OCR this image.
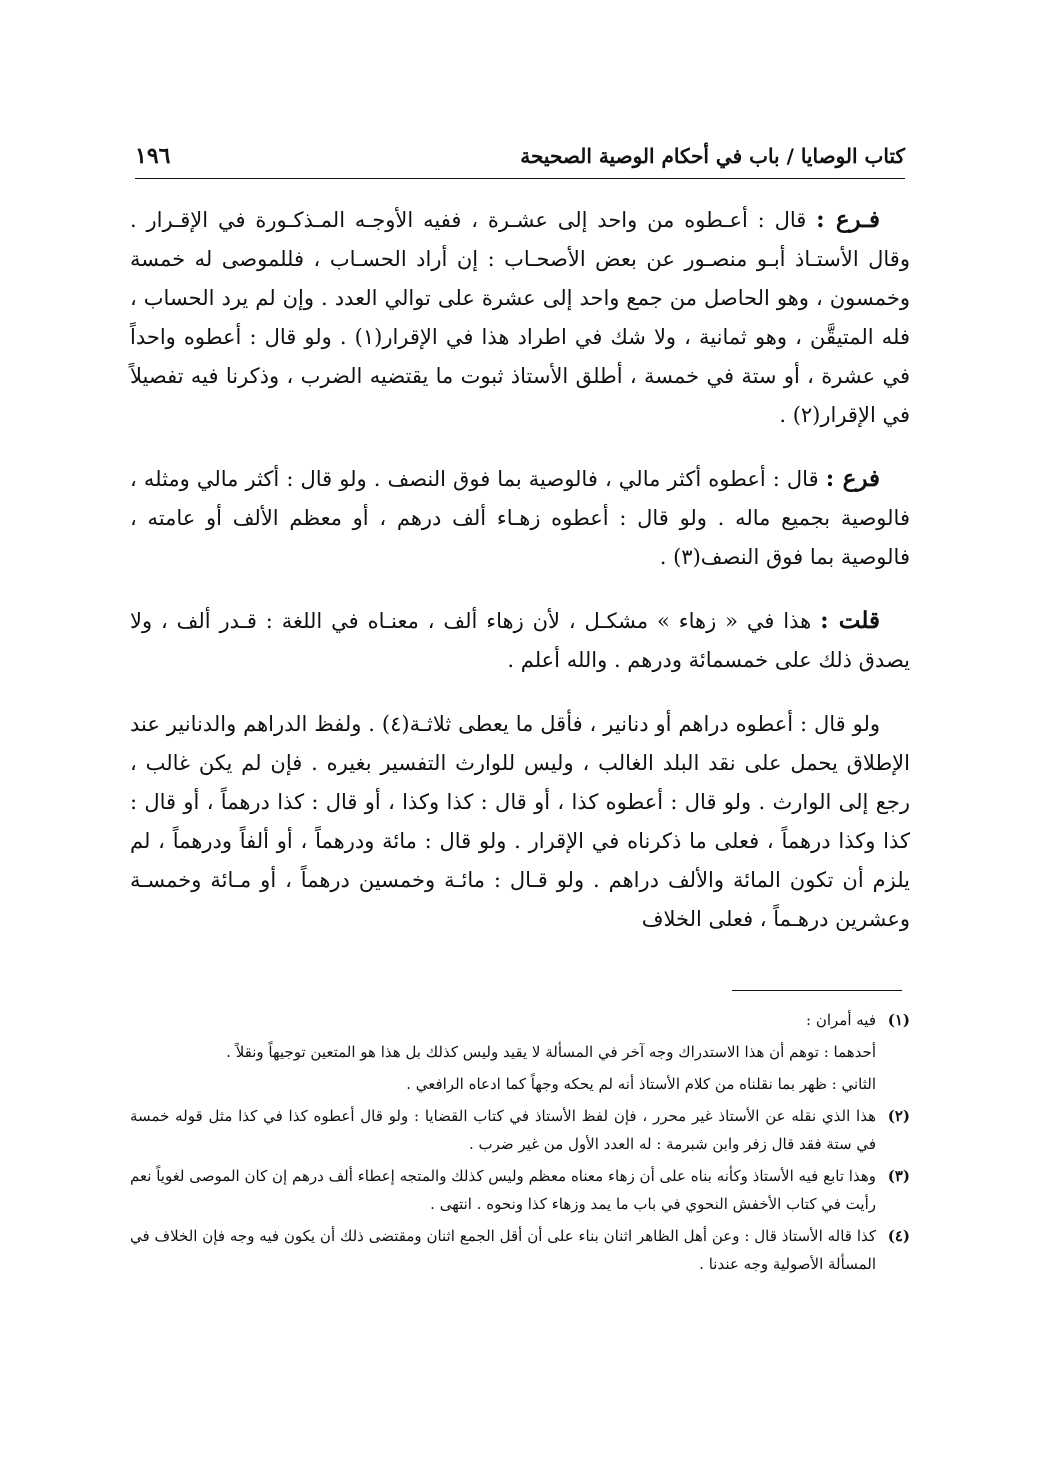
كتاب الوصايا / باب في أحكام الوصية الصحيحة
١٩٦

فـرع : قال : أعـطوه من واحد إلى عشـرة ، ففيه الأوجـه المـذكـورة في الإقـرار . وقال الأستـاذ أبـو منصـور عن بعض الأصحـاب : إن أراد الحسـاب ، فللموصى له خمسة وخمسون ، وهو الحاصل من جمع واحد إلى عشرة على توالي العدد . وإن لم يرد الحساب ، فله المتيقَّن ، وهو ثمانية ، ولا شك في اطراد هذا في الإقرار(١) . ولو قال : أعطوه واحداً في عشرة ، أو ستة في خمسة ، أطلق الأستاذ ثبوت ما يقتضيه الضرب ، وذكرنا فيه تفصيلاً في الإقرار(٢) .

فرع : قال : أعطوه أكثر مالي ، فالوصية بما فوق النصف . ولو قال : أكثر مالي ومثله ، فالوصية بجميع ماله . ولو قال : أعطوه زهـاء ألف درهم ، أو معظم الألف أو عامته ، فالوصية بما فوق النصف(٣) .

قلت : هذا في « زهاء » مشكـل ، لأن زهاء ألف ، معنـاه في اللغة : قـدر ألف ، ولا يصدق ذلك على خمسمائة ودرهم . والله أعلم .

ولو قال : أعطوه دراهم أو دنانير ، فأقل ما يعطى ثلاثـة(٤) . ولفظ الدراهم والدنانير عند الإطلاق يحمل على نقد البلد الغالب ، وليس للوارث التفسير بغيره . فإن لم يكن غالب ، رجع إلى الوارث . ولو قال : أعطوه كذا ، أو قال : كذا وكذا ، أو قال : كذا درهماً ، أو قال : كذا وكذا درهماً ، فعلى ما ذكرناه في الإقرار . ولو قال : مائة ودرهماً ، أو ألفاً ودرهماً ، لم يلزم أن تكون المائة والألف دراهم . ولو قـال : مائـة وخمسين درهماً ، أو مـائة وخمسـة وعشرين درهـماً ، فعلى الخلاف

(١)
فيه أمران :
أحدهما : توهم أن هذا الاستدراك وجه آخر في المسألة لا يقيد وليس كذلك بل هذا هو المتعين توجيهاً ونقلاً .
الثاني : ظهر بما نقلناه من كلام الأستاذ أنه لم يحكه وجهاً كما ادعاه الرافعي .
(٢)
هذا الذي نقله عن الأستاذ غير محرر ، فإن لفظ الأستاذ في كتاب القضايا : ولو قال أعطوه كذا في كذا مثل قوله خمسة في ستة فقد قال زفر وابن شبرمة : له العدد الأول من غير ضرب .
(٣)
وهذا تابع فيه الأستاذ وكأنه بناه على أن زهاء معناه معظم وليس كذلك والمتجه إعطاء ألف درهم إن كان الموصى لغوياً نعم رأيت في كتاب الأخفش النحوي في باب ما يمد وزهاء كذا ونحوه . انتهى .
(٤)
كذا قاله الأستاذ قال : وعن أهل الظاهر اثنان بناء على أن أقل الجمع اثنان ومقتضى ذلك أن يكون فيه وجه فإن الخلاف في المسألة الأصولية وجه عندنا .
